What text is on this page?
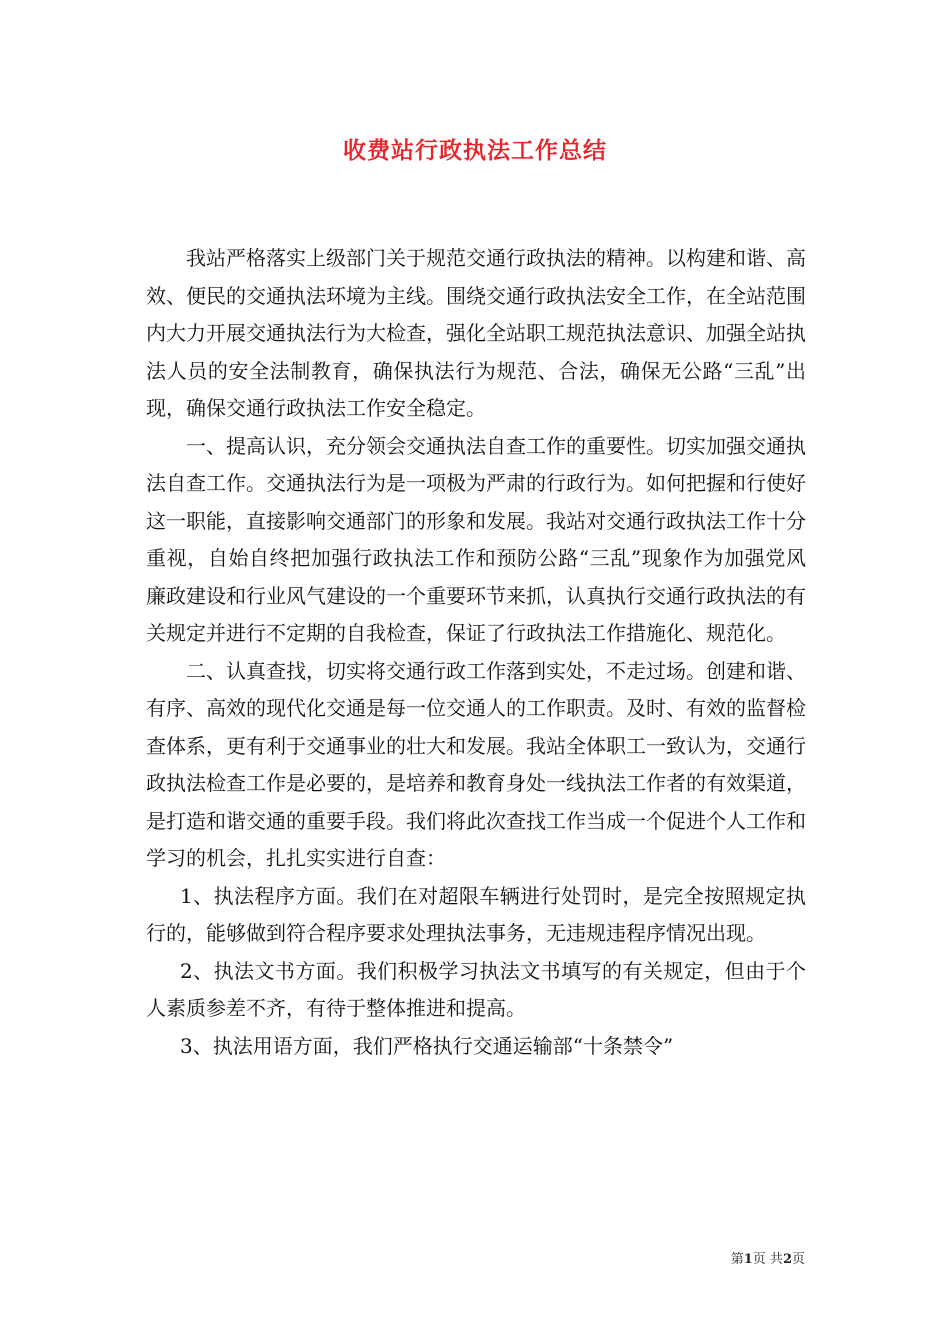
收费站行政执法工作总结

我站严格落实上级部门关于规范交通行政执法的精神。以构建和谐、高效、便民的交通执法环境为主线。围绕交通行政执法安全工作，在全站范围内大力开展交通执法行为大检查，强化全站职工规范执法意识、加强全站执法人员的安全法制教育，确保执法行为规范、合法，确保无公路“三乱”出现，确保交通行政执法工作安全稳定。

一、提高认识，充分领会交通执法自查工作的重要性。切实加强交通执法自查工作。交通执法行为是一项极为严肃的行政行为。如何把握和行使好这一职能，直接影响交通部门的形象和发展。我站对交通行政执法工作十分重视，自始自终把加强行政执法工作和预防公路“三乱”现象作为加强党风廉政建设和行业风气建设的一个重要环节来抓，认真执行交通行政执法的有关规定并进行不定期的自我检查，保证了行政执法工作措施化、规范化。

二、认真查找，切实将交通行政工作落到实处，不走过场。创建和谐、有序、高效的现代化交通是每一位交通人的工作职责。及时、有效的监督检查体系，更有利于交通事业的壮大和发展。我站全体职工一致认为，交通行政执法检查工作是必要的，是培养和教育身处一线执法工作者的有效渠道，是打造和谐交通的重要手段。我们将此次查找工作当成一个促进个人工作和学习的机会，扎扎实实进行自查：

1、执法程序方面。我们在对超限车辆进行处罚时，是完全按照规定执行的，能够做到符合程序要求处理执法事务，无违规违程序情况出现。

2、执法文书方面。我们积极学习执法文书填写的有关规定，但由于个人素质参差不齐，有待于整体推进和提高。

3、执法用语方面，我们严格执行交通运输部“十条禁令”

第1页 共2页
